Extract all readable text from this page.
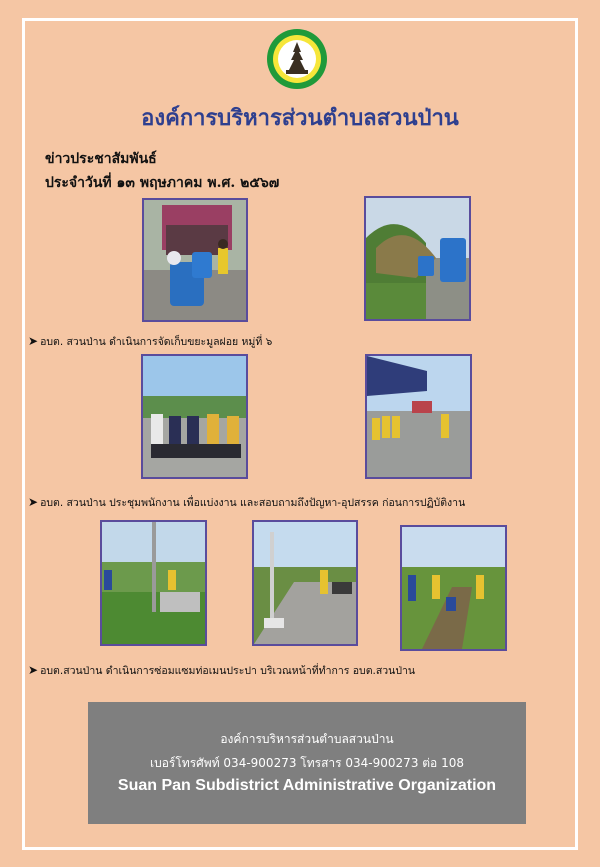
องค์การบริหารส่วนตำบลสวนป่าน
ข่าวประชาสัมพันธ์
ประจำวันที่ ๑๓ พฤษภาคม พ.ศ. ๒๕๖๗
➤ อบต. สวนป่าน ดำเนินการจัดเก็บขยะมูลฝอย หมู่ที่ ๖
➤ อบต. สวนป่าน ประชุมพนักงาน เพื่อแบ่งงาน และสอบถามถึงปัญหา-อุปสรรค ก่อนการปฏิบัติงาน
➤ อบต.สวนป่าน ดำเนินการซ่อมแซมท่อเมนประปา บริเวณหน้าที่ทำการ อบต.สวนป่าน
องค์การบริหารส่วนตำบลสวนป่าน
เบอร์โทรศัพท์ 034-900273 โทรสาร 034-900273 ต่อ 108
Suan Pan Subdistrict Administrative Organization
